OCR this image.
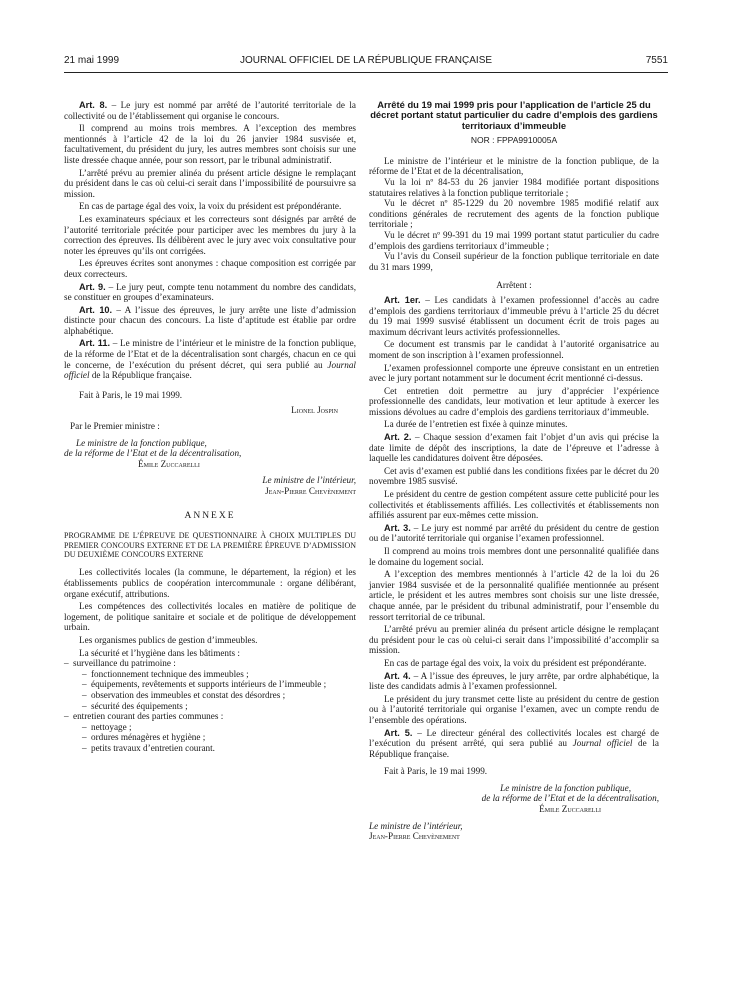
21 mai 1999	JOURNAL OFFICIEL DE LA RÉPUBLIQUE FRANÇAISE	7551

Art. 8. – Le jury est nommé par arrêté de l’autorité territoriale de la collectivité ou de l’établissement qui organise le concours.

Il comprend au moins trois membres. A l’exception des membres mentionnés à l’article 42 de la loi du 26 janvier 1984 susvisée et, facultativement, du président du jury, les autres membres sont choisis sur une liste dressée chaque année, pour son ressort, par le tribunal administratif.

L’arrêté prévu au premier alinéa du présent article désigne le remplaçant du président dans le cas où celui-ci serait dans l’impossibilité de poursuivre sa mission.

En cas de partage égal des voix, la voix du président est prépondérante.

Les examinateurs spéciaux et les correcteurs sont désignés par arrêté de l’autorité territoriale précitée pour participer avec les membres du jury à la correction des épreuves. Ils délibèrent avec le jury avec voix consultative pour noter les épreuves qu’ils ont corrigées.

Les épreuves écrites sont anonymes : chaque composition est corrigée par deux correcteurs.

Art. 9. – Le jury peut, compte tenu notamment du nombre des candidats, se constituer en groupes d’examinateurs.

Art. 10. – A l’issue des épreuves, le jury arrête une liste d’admission distincte pour chacun des concours. La liste d’aptitude est établie par ordre alphabétique.

Art. 11. – Le ministre de l’intérieur et le ministre de la fonction publique, de la réforme de l’Etat et de la décentralisation sont chargés, chacun en ce qui le concerne, de l’exécution du présent décret, qui sera publié au Journal officiel de la République française.

Fait à Paris, le 19 mai 1999.

Lionel Jospin

Par le Premier ministre :

Le ministre de la fonction publique,

de la réforme de l’Etat et de la décentralisation,

Émile Zuccarelli

Le ministre de l’intérieur,

Jean-Pierre Chevènement

ANNEXE

PROGRAMME DE L’ÉPREUVE DE QUESTIONNAIRE À CHOIX MULTIPLES DU PREMIER CONCOURS EXTERNE ET DE LA PREMIÈRE ÉPREUVE D’ADMISSION DU DEUXIÈME CONCOURS EXTERNE

Les collectivités locales (la commune, le département, la région) et les établissements publics de coopération intercommunale : organe délibérant, organe exécutif, attributions.

Les compétences des collectivités locales en matière de politique de logement, de politique sanitaire et sociale et de politique de développement urbain.

Les organismes publics de gestion d’immeubles.

La sécurité et l’hygiène dans les bâtiments :

– surveillance du patrimoine :
– fonctionnement technique des immeubles ;
– équipements, revêtements et supports intérieurs de l’immeuble ;
– observation des immeubles et constat des désordres ;
– sécurité des équipements ;
– entretien courant des parties communes :
– nettoyage ;
– ordures ménagères et hygiène ;
– petits travaux d’entretien courant.

Arrêté du 19 mai 1999 pris pour l’application de l’article 25 du décret portant statut particulier du cadre d’emplois des gardiens territoriaux d’immeuble

NOR : FPPA9910005A

Le ministre de l’intérieur et le ministre de la fonction publique, de la réforme de l’Etat et de la décentralisation,

Vu la loi nº 84-53 du 26 janvier 1984 modifiée portant dispositions statutaires relatives à la fonction publique territoriale ;

Vu le décret nº 85-1229 du 20 novembre 1985 modifié relatif aux conditions générales de recrutement des agents de la fonction publique territoriale ;

Vu le décret nº 99-391 du 19 mai 1999 portant statut particulier du cadre d’emplois des gardiens territoriaux d’immeuble ;

Vu l’avis du Conseil supérieur de la fonction publique territoriale en date du 31 mars 1999,

Arrêtent :

Art. 1er. – Les candidats à l’examen professionnel d’accès au cadre d’emplois des gardiens territoriaux d’immeuble prévu à l’article 25 du décret du 19 mai 1999 susvisé établissent un document écrit de trois pages au maximum décrivant leurs activités professionnelles.

Ce document est transmis par le candidat à l’autorité organisatrice au moment de son inscription à l’examen professionnel.

L’examen professionnel comporte une épreuve consistant en un entretien avec le jury portant notamment sur le document écrit mentionné ci-dessus.

Cet entretien doit permettre au jury d’apprécier l’expérience professionnelle des candidats, leur motivation et leur aptitude à exercer les missions dévolues au cadre d’emplois des gardiens territoriaux d’immeuble.

La durée de l’entretien est fixée à quinze minutes.

Art. 2. – Chaque session d’examen fait l’objet d’un avis qui précise la date limite de dépôt des inscriptions, la date de l’épreuve et l’adresse à laquelle les candidatures doivent être déposées.

Cet avis d’examen est publié dans les conditions fixées par le décret du 20 novembre 1985 susvisé.

Le président du centre de gestion compétent assure cette publicité pour les collectivités et établissements affiliés. Les collectivités et établissements non affiliés assurent par eux-mêmes cette mission.

Art. 3. – Le jury est nommé par arrêté du président du centre de gestion ou de l’autorité territoriale qui organise l’examen professionnel.

Il comprend au moins trois membres dont une personnalité qualifiée dans le domaine du logement social.

A l’exception des membres mentionnés à l’article 42 de la loi du 26 janvier 1984 susvisée et de la personnalité qualifiée mentionnée au présent article, le président et les autres membres sont choisis sur une liste dressée, chaque année, par le président du tribunal administratif, pour l’ensemble du ressort territorial de ce tribunal.

L’arrêté prévu au premier alinéa du présent article désigne le remplaçant du président pour le cas où celui-ci serait dans l’impossibilité d’accomplir sa mission.

En cas de partage égal des voix, la voix du président est prépondérante.

Art. 4. – A l’issue des épreuves, le jury arrête, par ordre alphabétique, la liste des candidats admis à l’examen professionnel.

Le président du jury transmet cette liste au président du centre de gestion ou à l’autorité territoriale qui organise l’examen, avec un compte rendu de l’ensemble des opérations.

Art. 5. – Le directeur général des collectivités locales est chargé de l’exécution du présent arrêté, qui sera publié au Journal officiel de la République française.

Fait à Paris, le 19 mai 1999.

Le ministre de la fonction publique,

de la réforme de l’Etat et de la décentralisation,

Émile Zuccarelli

Le ministre de l’intérieur,

Jean-Pierre Chevènement
